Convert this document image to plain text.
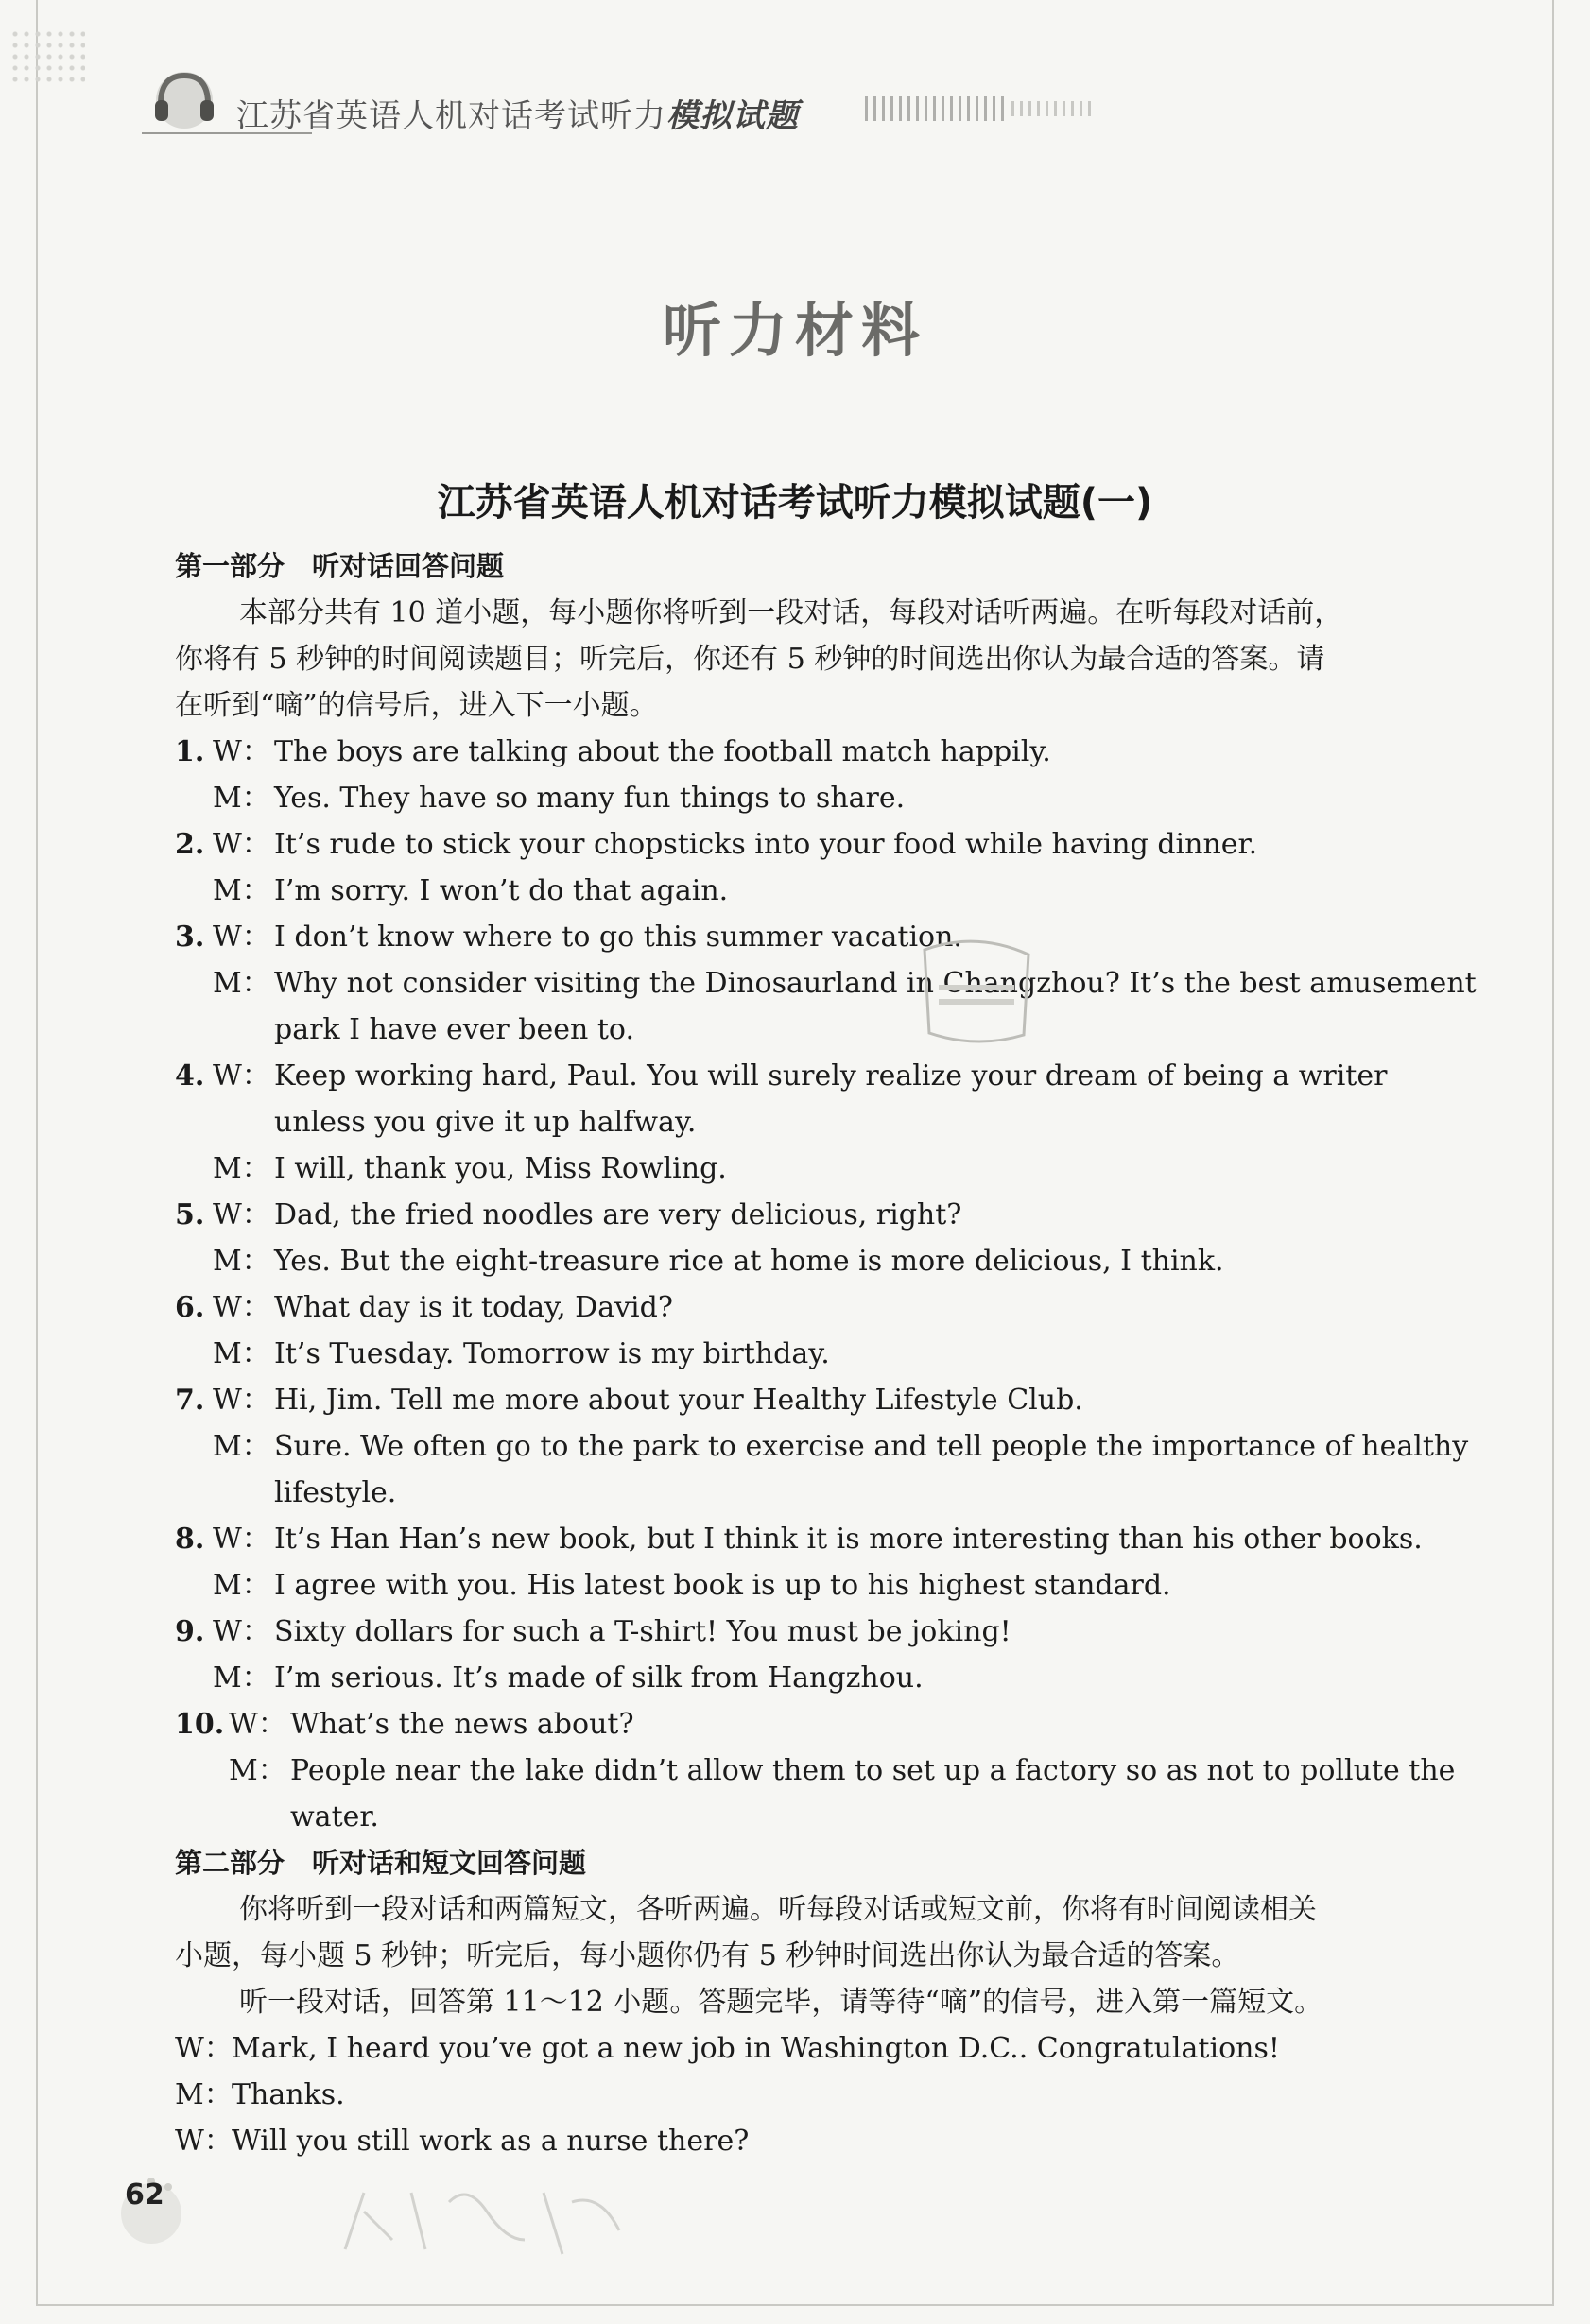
江苏省英语人机对话考试听力模拟试题
听力材料
江苏省英语人机对话考试听力模拟试题(一)
第一部分　听对话回答问题
本部分共有 10 道小题，每小题你将听到一段对话，每段对话听两遍。在听每段对话前，
你将有 5 秒钟的时间阅读题目；听完后，你还有 5 秒钟的时间选出你认为最合适的答案。请
在听到“嘀”的信号后，进入下一小题。
1. W： The boys are talking about the football match happily.
M： Yes. They have so many fun things to share.
2. W： It’s rude to stick your chopsticks into your food while having dinner.
M： I’m sorry. I won’t do that again.
3. W： I don’t know where to go this summer vacation.
M： Why not consider visiting the Dinosaurland in Changzhou? It’s the best amusement
park I have ever been to.
4. W： Keep working hard, Paul. You will surely realize your dream of being a writer
unless you give it up halfway.
M： I will, thank you, Miss Rowling.
5. W： Dad, the fried noodles are very delicious, right?
M： Yes. But the eight-treasure rice at home is more delicious, I think.
6. W： What day is it today, David?
M： It’s Tuesday. Tomorrow is my birthday.
7. W： Hi, Jim. Tell me more about your Healthy Lifestyle Club.
M： Sure. We often go to the park to exercise and tell people the importance of healthy
lifestyle.
8. W： It’s Han Han’s new book, but I think it is more interesting than his other books.
M： I agree with you. His latest book is up to his highest standard.
9. W： Sixty dollars for such a T-shirt! You must be joking!
M： I’m serious. It’s made of silk from Hangzhou.
10. W： What’s the news about?
M： People near the lake didn’t allow them to set up a factory so as not to pollute the
water.
第二部分　听对话和短文回答问题
你将听到一段对话和两篇短文，各听两遍。听每段对话或短文前，你将有时间阅读相关
小题，每小题 5 秒钟；听完后，每小题你仍有 5 秒钟时间选出你认为最合适的答案。
听一段对话，回答第 11～12 小题。答题完毕，请等待“嘀”的信号，进入第一篇短文。
W： Mark, I heard you’ve got a new job in Washington D.C.. Congratulations!
M： Thanks.
W： Will you still work as a nurse there?
62
